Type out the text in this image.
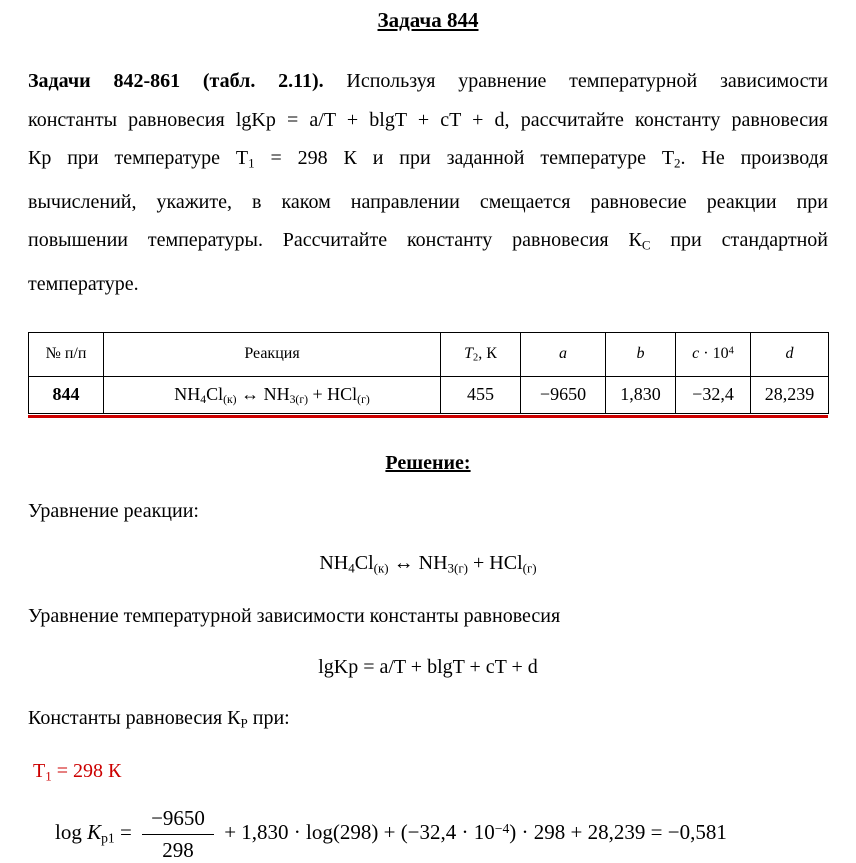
Задача 844
Задачи 842-861 (табл. 2.11). Используя уравнение температурной зависимости константы равновесия lgKp = a/T + blgT + cT + d, рассчитайте константу равновесия Кр при температуре $Т_1 = 298$ К и при заданной температуре $Т_2$. Не производя вычислений, укажите, в каком направлении смещается равновесие реакции при повышении температуры. Рассчитайте константу равновесия $К_С$ при стандартной температуре.
№ п/п	Реакция	$T_2$, К	a	b	$c \cdot 10^4$	d
844	$NH_4Cl_{(к)}$ ↔ $NH_{3(г)} + HCl_{(г)}$	455	−9650	1,830	−32,4	28,239
Решение:
Уравнение реакции:
$NH_4Cl_{(к)}$ ↔ $NH_{3(г)} + HCl_{(г)}$
Уравнение температурной зависимости константы равновесия
lgKp = a/T + blgT + cT + d
Константы равновесия $К_Р$ при:
$Т_1 = 298$ К
$\log K_{р1} = \frac{-9650}{298} + 1,830 \cdot \log(298) + (-32,4 \cdot 10^{-4}) \cdot 298 + 28,239 = -0,581$
